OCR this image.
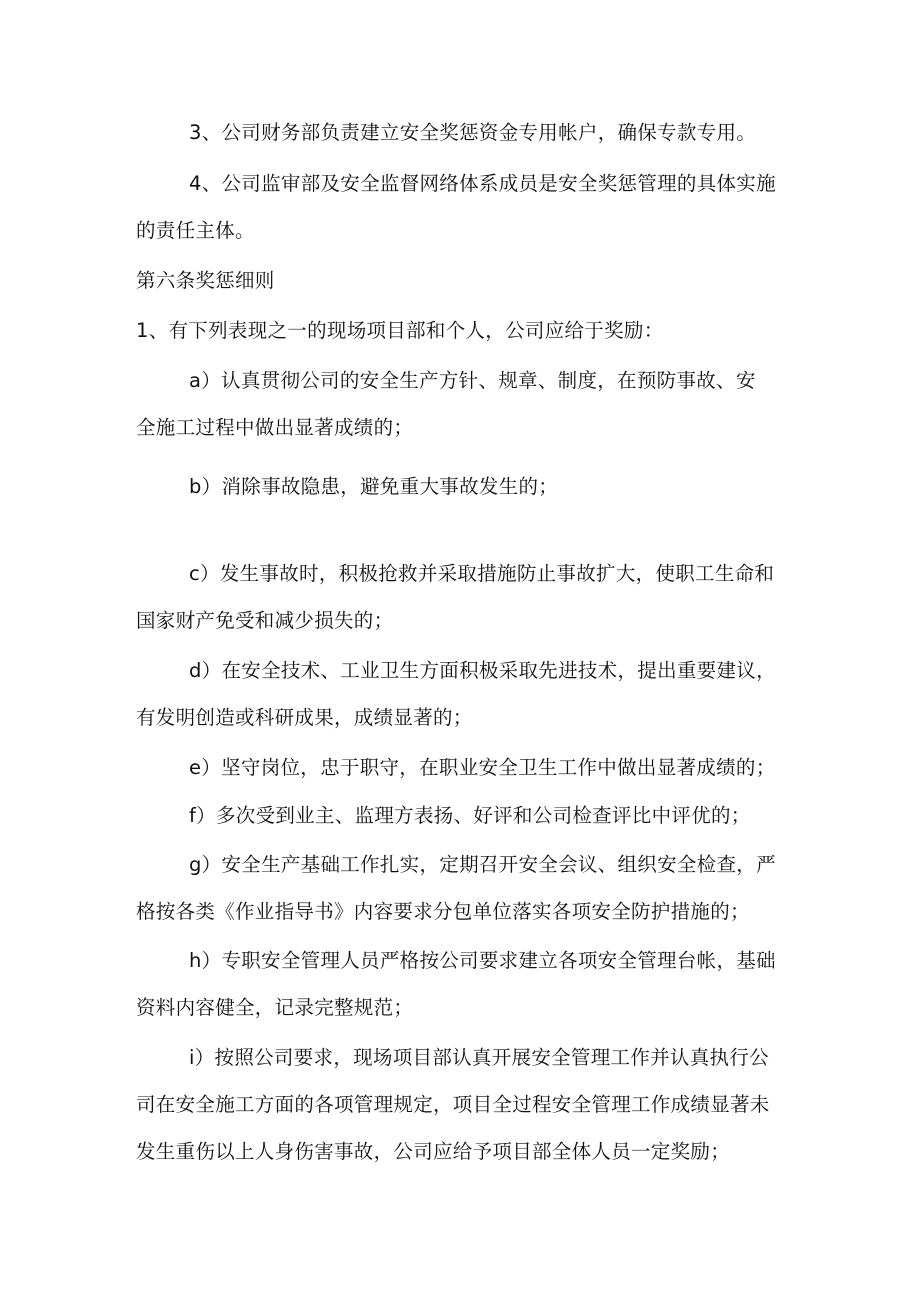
3、公司财务部负责建立安全奖惩资金专用帐户，确保专款专用。
4、公司监审部及安全监督网络体系成员是安全奖惩管理的具体实施
的责任主体。
第六条奖惩细则
1、有下列表现之一的现场项目部和个人，公司应给于奖励：
a）认真贯彻公司的安全生产方针、规章、制度，在预防事故、安
全施工过程中做出显著成绩的；
b）消除事故隐患，避免重大事故发生的；
c）发生事故时，积极抢救并采取措施防止事故扩大，使职工生命和
国家财产免受和减少损失的；
d）在安全技术、工业卫生方面积极采取先进技术，提出重要建议，
有发明创造或科研成果，成绩显著的；
e）坚守岗位，忠于职守，在职业安全卫生工作中做出显著成绩的；
f）多次受到业主、监理方表扬、好评和公司检查评比中评优的；
g）安全生产基础工作扎实，定期召开安全会议、组织安全检查，严
格按各类《作业指导书》内容要求分包单位落实各项安全防护措施的；
h）专职安全管理人员严格按公司要求建立各项安全管理台帐，基础
资料内容健全，记录完整规范；
i）按照公司要求，现场项目部认真开展安全管理工作并认真执行公
司在安全施工方面的各项管理规定，项目全过程安全管理工作成绩显著未
发生重伤以上人身伤害事故，公司应给予项目部全体人员一定奖励；
